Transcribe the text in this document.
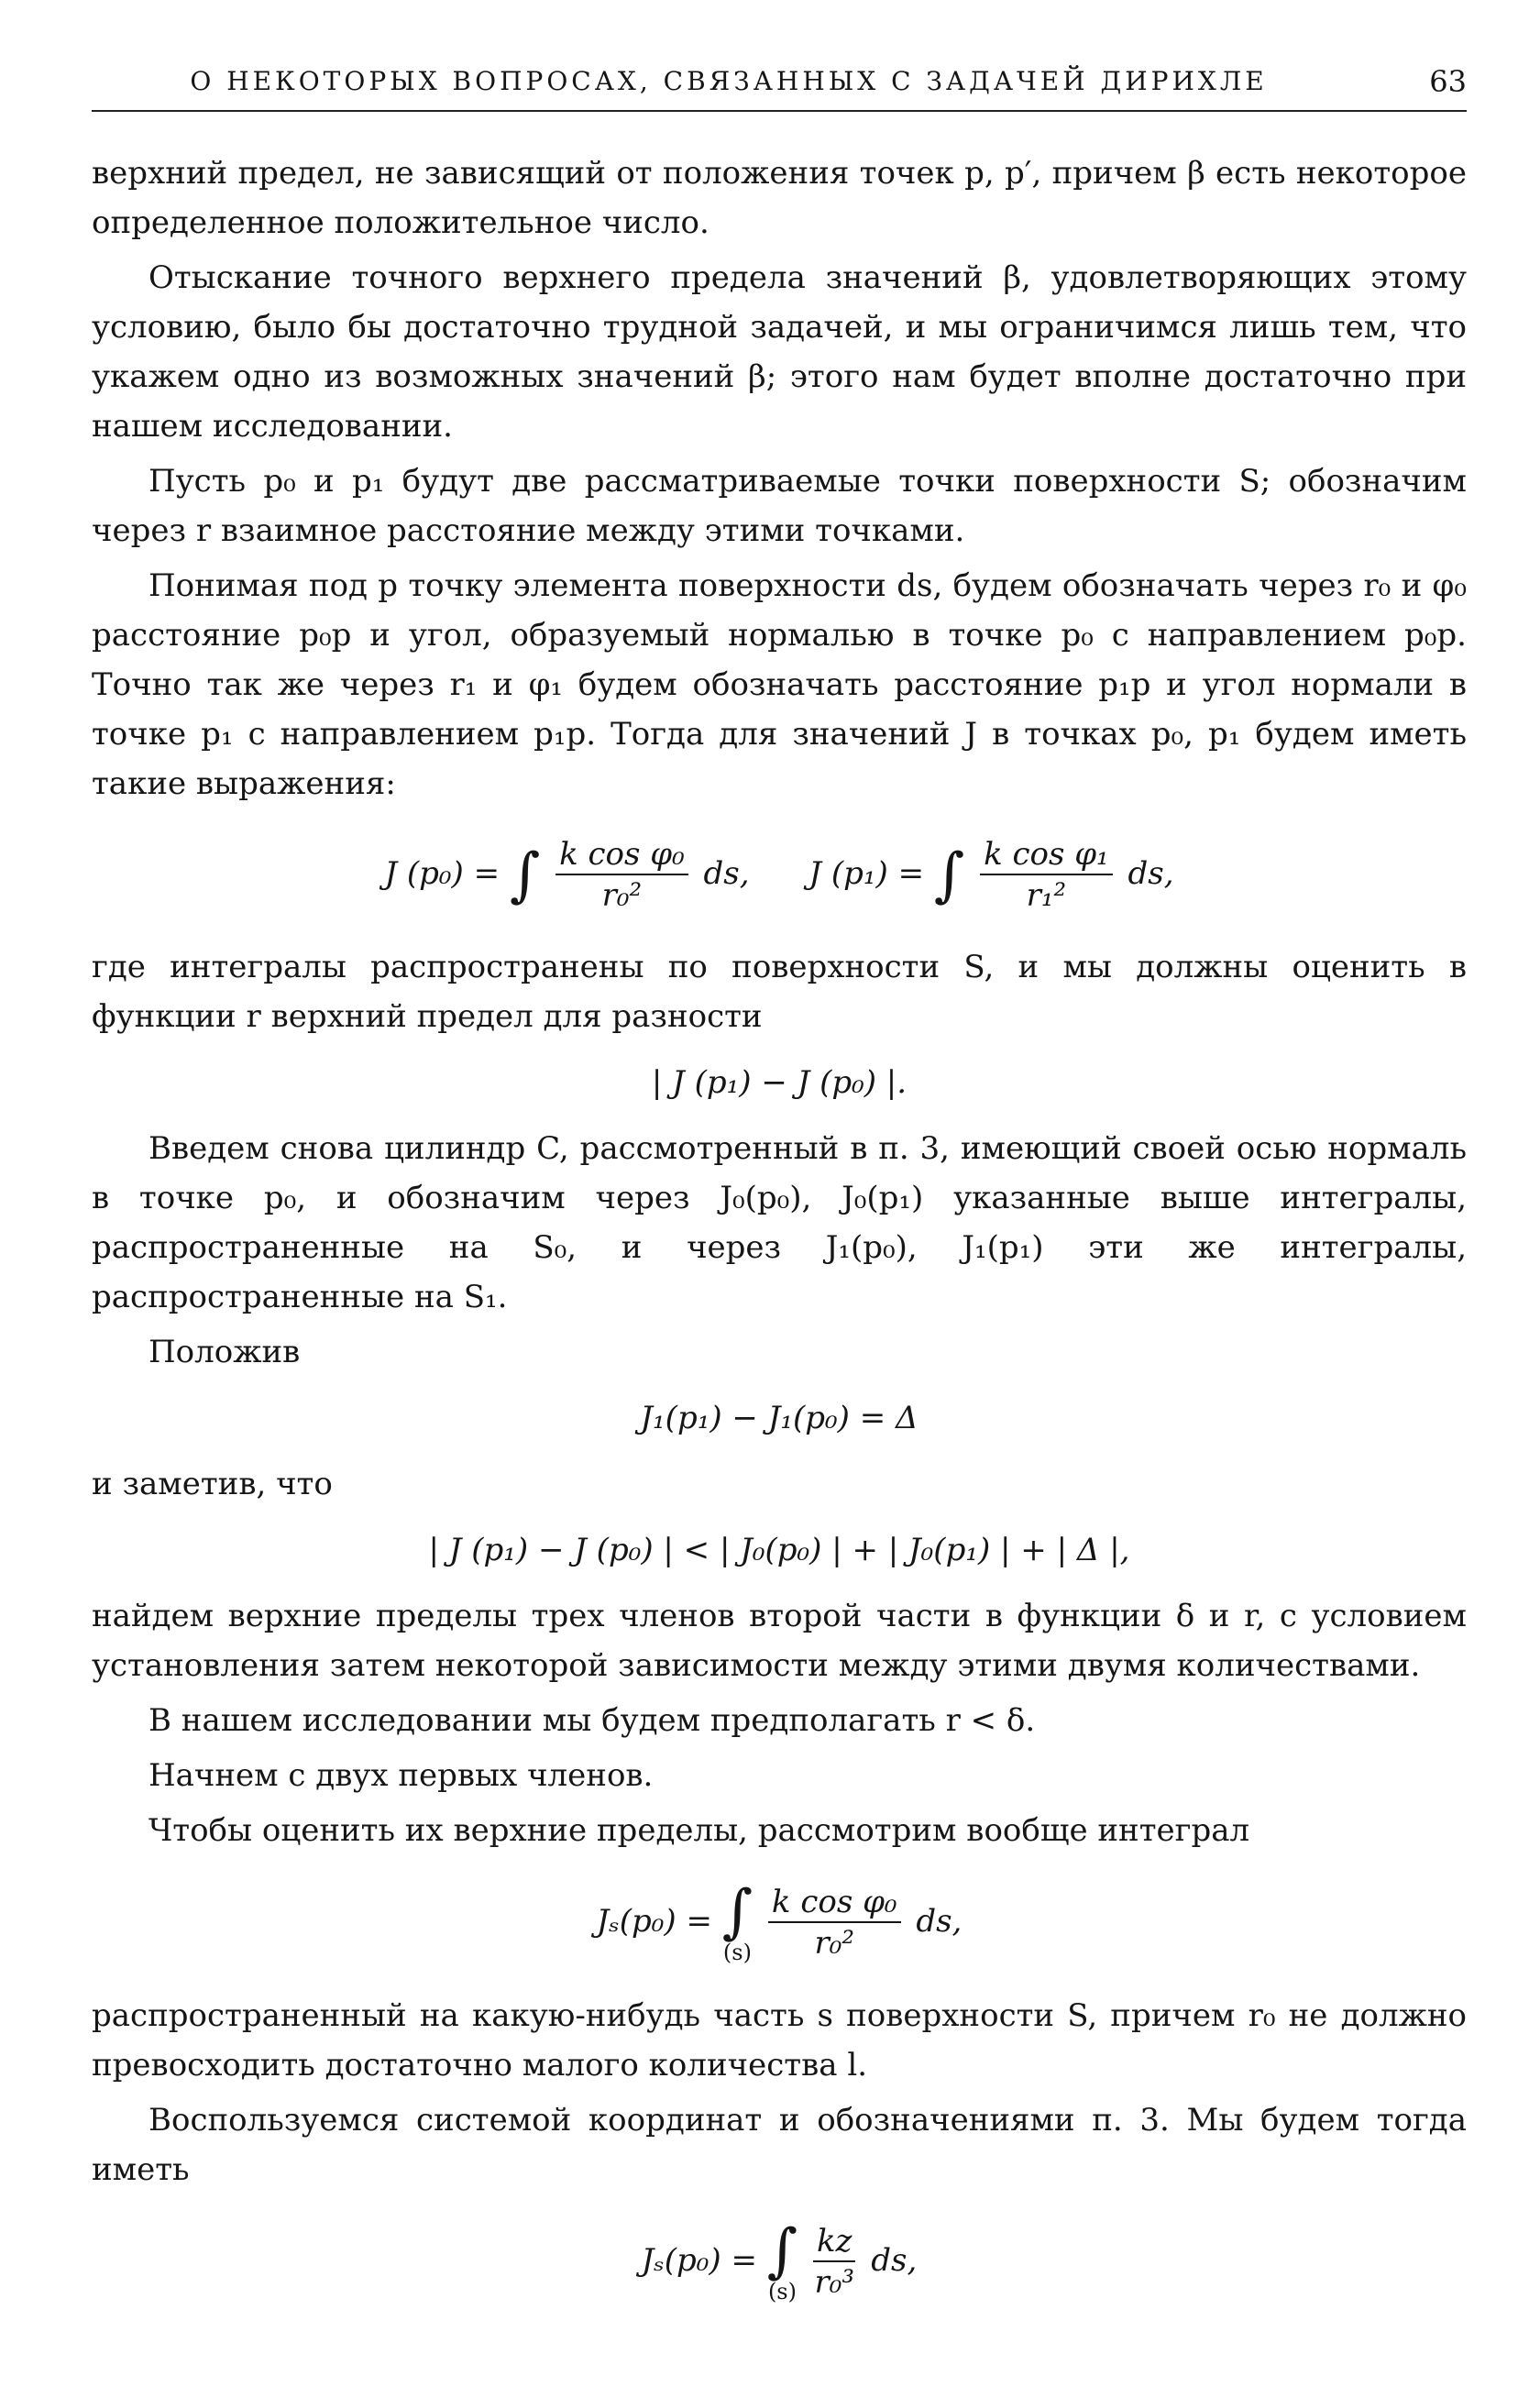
О НЕКОТОРЫХ ВОПРОСАХ, СВЯЗАННЫХ С ЗАДАЧЕЙ ДИРИХЛЕ	63

верхний предел, не зависящий от положения точек p, p′, причем β есть некоторое определенное положительное число.

Отыскание точного верхнего предела значений β, удовлетворяющих этому условию, было бы достаточно трудной задачей, и мы ограничимся лишь тем, что укажем одно из возможных значений β; этого нам будет вполне достаточно при нашем исследовании.

Пусть p₀ и p₁ будут две рассматриваемые точки поверхности S; обозначим через r взаимное расстояние между этими точками.

Понимая под p точку элемента поверхности ds, будем обозначать через r₀ и φ₀ расстояние p₀p и угол, образуемый нормалью в точке p₀ с направлением p₀p. Точно так же через r₁ и φ₁ будем обозначать расстояние p₁p и угол нормали в точке p₁ с направлением p₁p. Тогда для значений J в точках p₀, p₁ будем иметь такие выражения:

J (p₀) = ∫ $\frac{\text{k cos φ₀}}{\text{r₀²}}$ ds, J (p₁) = ∫ $\frac{\text{k cos φ₁}}{\text{r₁²}}$ ds,

где интегралы распространены по поверхности S, и мы должны оценить в функции r верхний предел для разности

| J (p₁) − J (p₀) |.

Введем снова цилиндр C, рассмотренный в п. 3, имеющий своей осью нормаль в точке p₀, и обозначим через J₀(p₀), J₀(p₁) указанные выше интегралы, распространенные на S₀, и через J₁(p₀), J₁(p₁) эти же интегралы, распространенные на S₁.

Положив

J₁(p₁) − J₁(p₀) = Δ

и заметив, что

| J (p₁) − J (p₀) | < | J₀(p₀) | + | J₀(p₁) | + | Δ |,

найдем верхние пределы трех членов второй части в функции δ и r, с условием установления затем некоторой зависимости между этими двумя количествами.

В нашем исследовании мы будем предполагать r < δ.

Начнем с двух первых членов.

Чтобы оценить их верхние пределы, рассмотрим вообще интеграл

Jₛ(p₀) = ∫
(s)
$\frac{\text{k cos φ₀}}{\text{r₀²}}$ ds,

распространенный на какую-нибудь часть s поверхности S, причем r₀ не должно превосходить достаточно малого количества l.

Воспользуемся системой координат и обозначениями п. 3. Мы будем тогда иметь

Jₛ(p₀) = ∫
(s)
$\frac{kz}{\text{r₀³}}$ ds,
